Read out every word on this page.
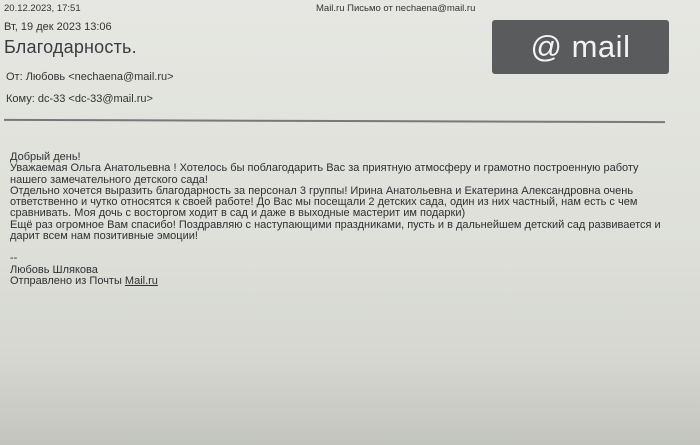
20.12.2023, 17:51	Mail.ru Письмо от nechaena@mail.ru
Вт, 19 дек 2023 13:06
Благодарность.	@ mail
От: Любовь <nechaena@mail.ru>
Кому: dc-33 <dc-33@mail.ru>
Добрый день!
Уважаемая Ольга Анатольевна ! Хотелось бы поблагодарить Вас за приятную атмосферу и грамотно построенную работу
нашего замечательного детского сада!
Отдельно хочется выразить благодарность за персонал 3 группы! Ирина Анатольевна и Екатерина Александровна очень
ответственно и чутко относятся к своей работе! До Вас мы посещали 2 детских сада, один из них частный, нам есть с чем
сравнивать. Моя дочь с восторгом ходит в сад и даже в выходные мастерит им подарки)
Ещё раз огромное Вам спасибо! Поздравляю с наступающими праздниками, пусть и в дальнейшем детский сад развивается и
дарит всем нам позитивные эмоции!
--
Любовь Шлякова
Отправлено из Почты Mail.ru
